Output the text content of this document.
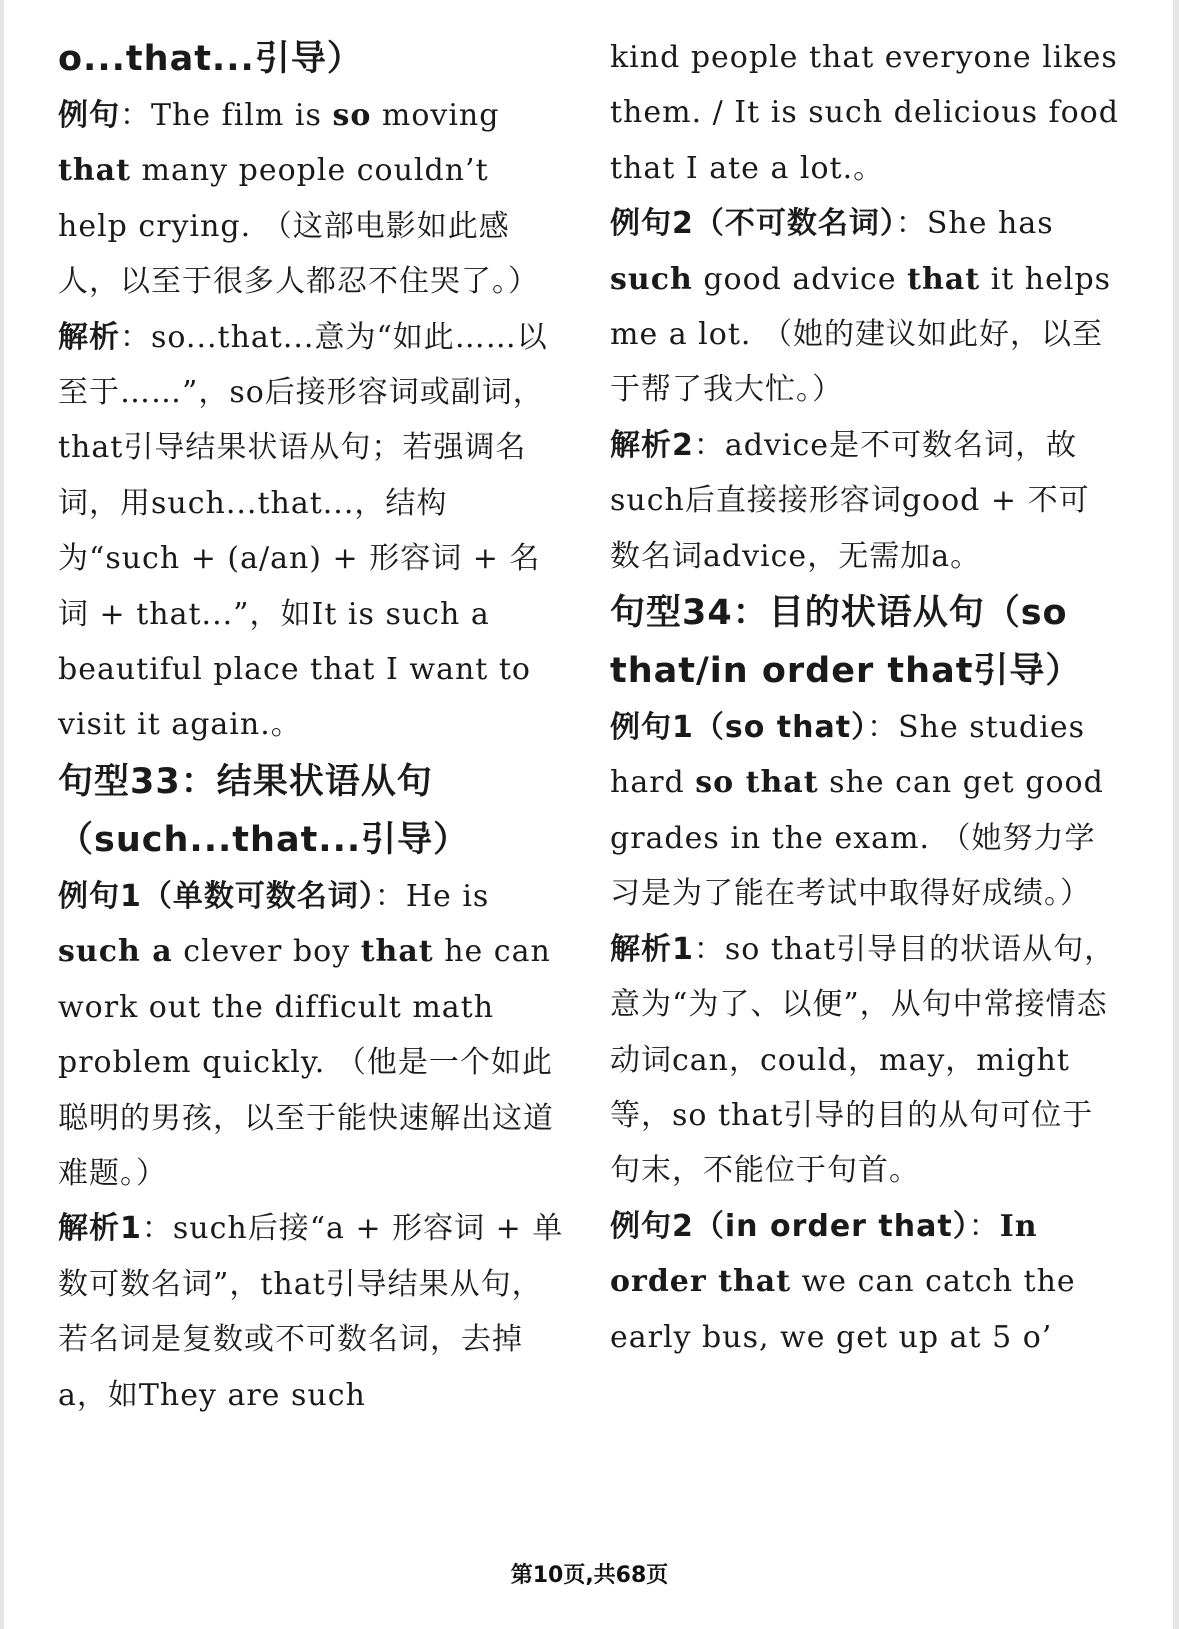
o...that...引导）

例句：The film is so moving that many people couldn’t help crying. （这部电影如此感人，以至于很多人都忍不住哭了。）

解析：so...that...意为“如此……以至于……”，so后接形容词或副词，that引导结果状语从句；若强调名词，用such...that...，结构为“such + (a/an) + 形容词 + 名词 + that...”，如It is such a beautiful place that I want to visit it again.。

句型33：结果状语从句（such...that...引导）

例句1（单数可数名词）：He is such a clever boy that he can work out the difficult math problem quickly. （他是一个如此聪明的男孩，以至于能快速解出这道难题。）

解析1：such后接“a + 形容词 + 单数可数名词”，that引导结果从句，若名词是复数或不可数名词，去掉a，如They are such

kind people that everyone likes them. / It is such delicious food that I ate a lot.。

例句2（不可数名词）：She has such good advice that it helps me a lot. （她的建议如此好，以至于帮了我大忙。）

解析2：advice是不可数名词，故such后直接接形容词good + 不可数名词advice，无需加a。

句型34：目的状语从句（so that/in order that引导）

例句1（so that）：She studies hard so that she can get good grades in the exam. （她努力学习是为了能在考试中取得好成绩。）

解析1：so that引导目的状语从句，意为“为了、以便”，从句中常接情态动词can，could，may，might等，so that引导的目的从句可位于句末，不能位于句首。

例句2（in order that）：In order that we can catch the early bus, we get up at 5 o’

第10页,共68页
